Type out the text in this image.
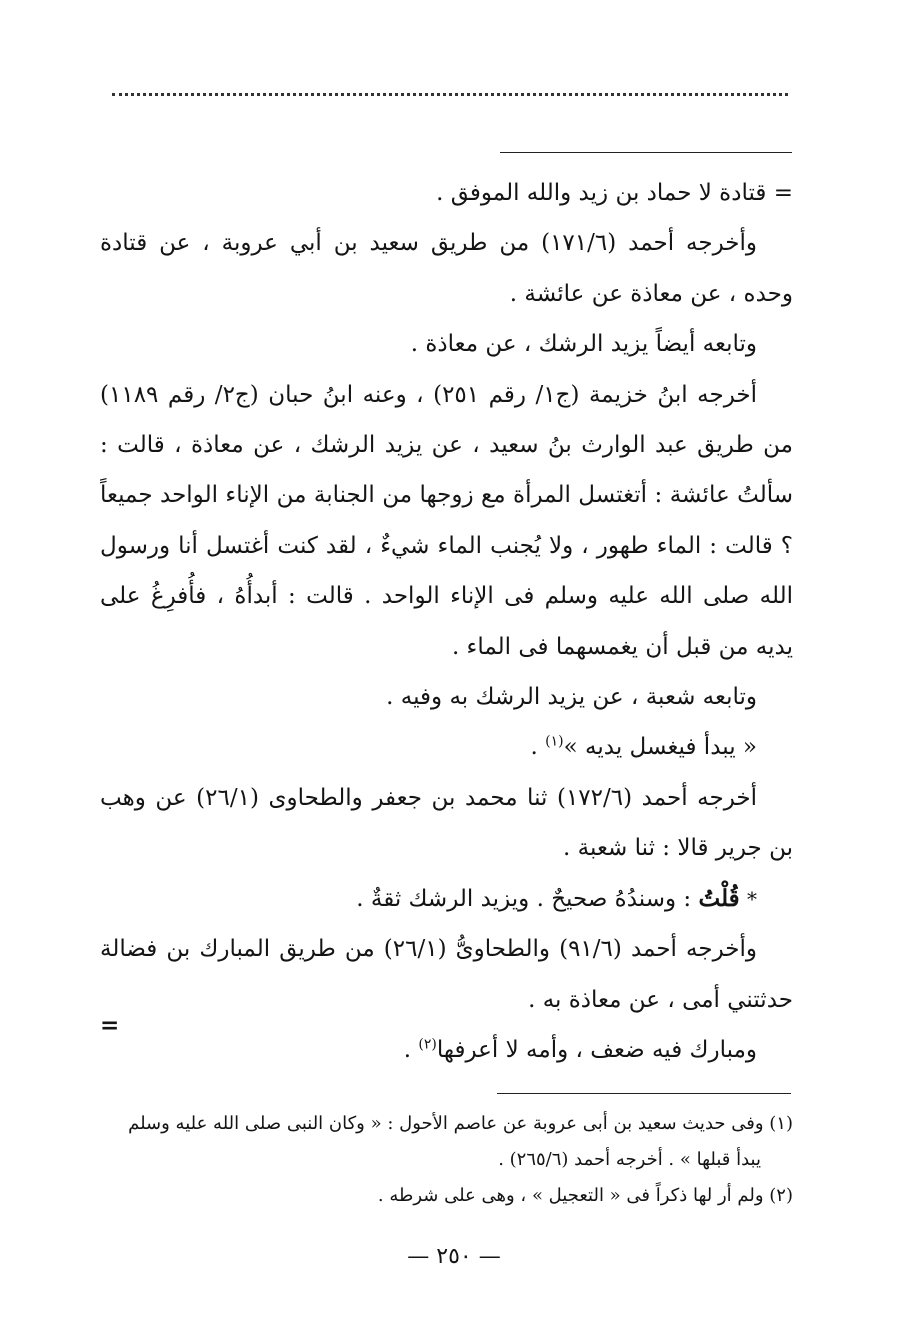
= قتادة لا حماد بن زيد والله الموفق .

وأخرجه أحمد (١٧١/٦) من طريق سعيد بن أبي عروبة ، عن قتادة وحده ، عن معاذة عن عائشة .

وتابعه أيضاً يزيد الرشك ، عن معاذة .

أخرجه ابنُ خزيمة (ج١/ رقم ٢٥١) ، وعنه ابنُ حبان (ج٢/ رقم ١١٨٩) من طريق عبد الوارث بنُ سعيد ، عن يزيد الرشك ، عن معاذة ، قالت : سألتُ عائشة : أتغتسل المرأة مع زوجها من الجنابة من الإناء الواحد جميعاً ؟ قالت : الماء طهور ، ولا يُجنب الماء شيءٌ ، لقد كنت أغتسل أنا ورسول الله صلى الله عليه وسلم فى الإناء الواحد . قالت : أبدأُهُ ، فأُفرِغُ على يديه من قبل أن يغمسهما فى الماء .

وتابعه شعبة ، عن يزيد الرشك به وفيه .

« يبدأ فيغسل يديه »$^{(١)}$ .

أخرجه أحمد (١٧٢/٦) ثنا محمد بن جعفر والطحاوى (٢٦/١) عن وهب بن جرير قالا : ثنا شعبة .

* قُلْتُ : وسندُهُ صحيحٌ . ويزيد الرشك ثقةٌ .

وأخرجه أحمد (٩١/٦) والطحاوىُّ (٢٦/١) من طريق المبارك بن فضالة حدثتني أمى ، عن معاذة به .

ومبارك فيه ضعف ، وأمه لا أعرفها$^{(٢)}$ .

=

(١) وفى حديث سعيد بن أبى عروبة عن عاصم الأحول : « وكان النبى صلى الله عليه وسلم

يبدأ قبلها » . أخرجه أحمد (٢٦٥/٦) .

(٢) ولم أر لها ذكراً فى « التعجيل » ، وهى على شرطه .

— ٢٥٠ —
